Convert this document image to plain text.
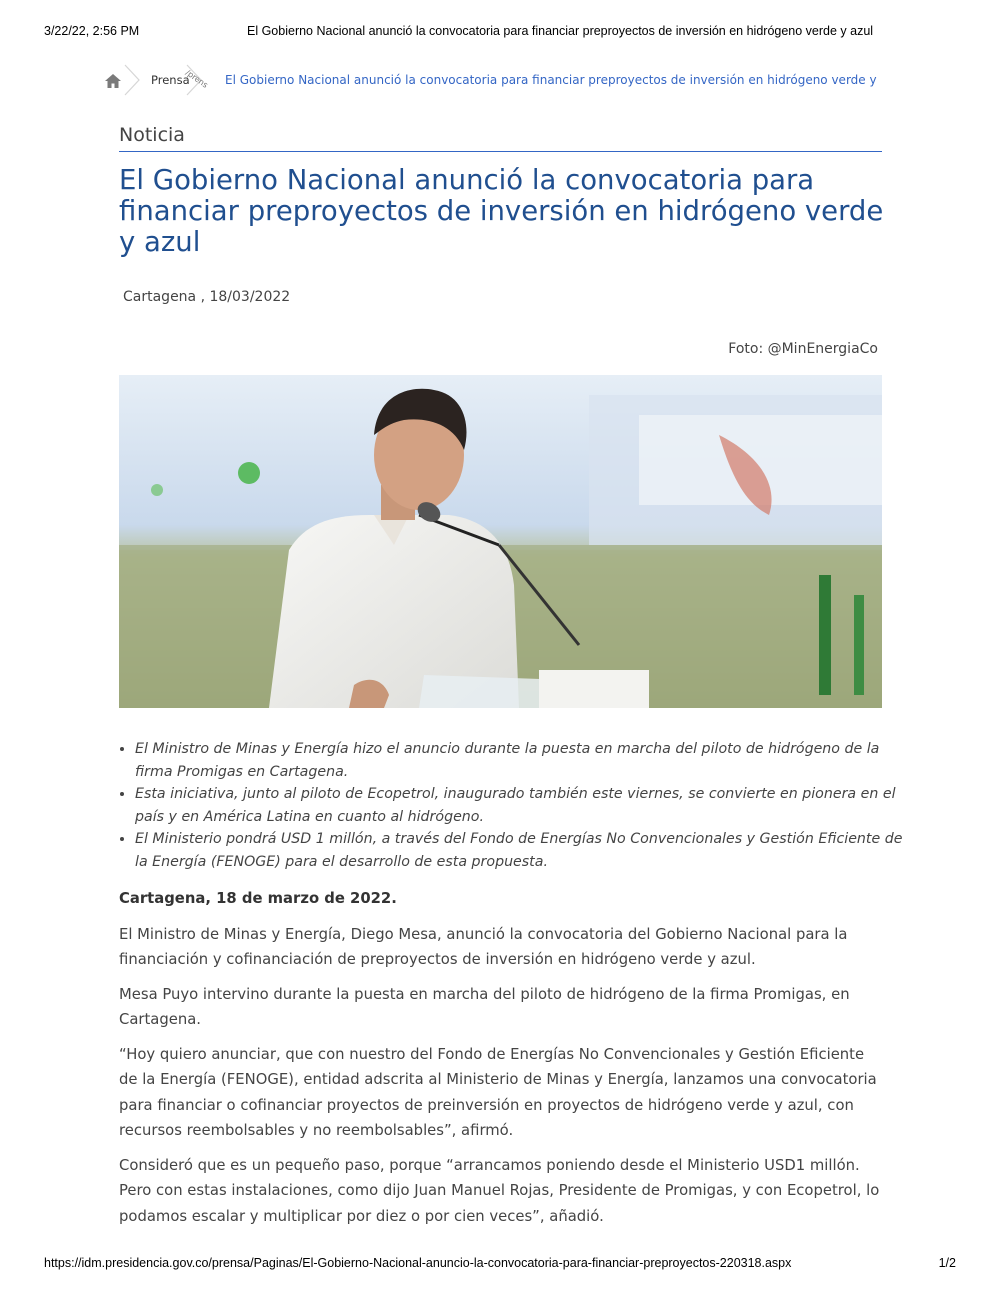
3/22/22, 2:56 PM	El Gobierno Nacional anunció la convocatoria para financiar preproyectos de inversión en hidrógeno verde y azul
Prensa
/prens El Gobierno Nacional anunció la convocatoria para financiar preproyectos de inversión en hidrógeno verde y
Noticia
El Gobierno Nacional anunció la convocatoria para financiar preproyectos de inversión en hidrógeno verde y azul
Cartagena , 18/03/2022
Foto: @MinEnergiaCo
• El Ministro de Minas y Energía hizo el anuncio durante la puesta en marcha del piloto de hidrógeno de la firma Promigas en Cartagena.
• Esta iniciativa, junto al piloto de Ecopetrol, inaugurado también este viernes, se convierte en pionera en el país y en América Latina en cuanto al hidrógeno.
• El Ministerio pondrá USD 1 millón, a través del Fondo de Energías No Convencionales y Gestión Eficiente de la Energía (FENOGE) para el desarrollo de esta propuesta.

Cartagena, 18 de marzo de 2022.

El Ministro de Minas y Energía, Diego Mesa, anunció la convocatoria del Gobierno Nacional para la financiación y cofinanciación de preproyectos de inversión en hidrógeno verde y azul.

Mesa Puyo intervino durante la puesta en marcha del piloto de hidrógeno de la firma Promigas, en Cartagena.

“Hoy quiero anunciar, que con nuestro del Fondo de Energías No Convencionales y Gestión Eficiente de la Energía (FENOGE), entidad adscrita al Ministerio de Minas y Energía, lanzamos una convocatoria para financiar o cofinanciar proyectos de preinversión en proyectos de hidrógeno verde y azul, con recursos reembolsables y no reembolsables”, afirmó.

Consideró que es un pequeño paso, porque “arrancamos poniendo desde el Ministerio USD1 millón. Pero con estas instalaciones, como dijo Juan Manuel Rojas, Presidente de Promigas, y con Ecopetrol, lo podamos escalar y multiplicar por diez o por cien veces”, añadió.

https://idm.presidencia.gov.co/prensa/Paginas/El-Gobierno-Nacional-anuncio-la-convocatoria-para-financiar-preproyectos-220318.aspx	1/2
